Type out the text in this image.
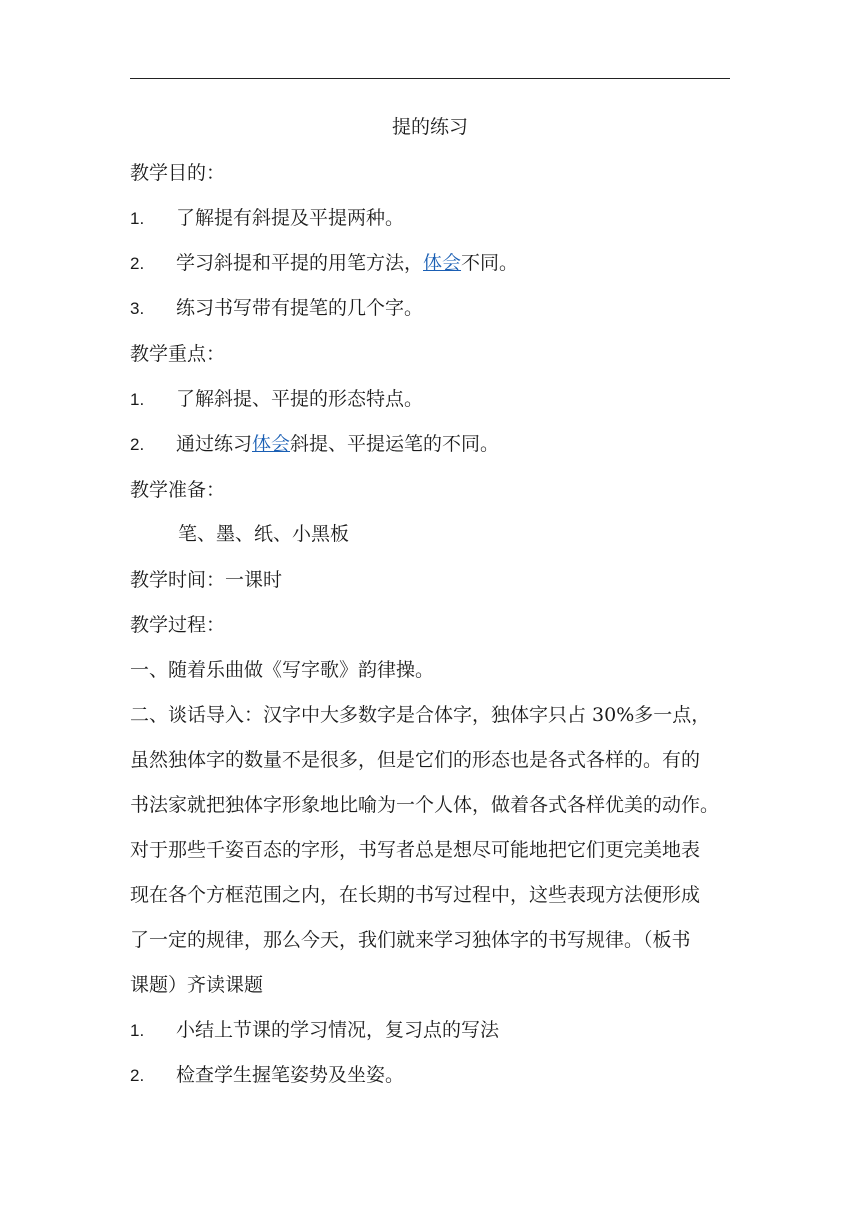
提的练习
教学目的：
1. 了解提有斜提及平提两种。
2. 学习斜提和平提的用笔方法，体会不同。
3. 练习书写带有提笔的几个字。
教学重点：
1. 了解斜提、平提的形态特点。
2. 通过练习体会斜提、平提运笔的不同。
教学准备：
笔、墨、纸、小黑板
教学时间：一课时
教学过程：
一、随着乐曲做《写字歌》韵律操。
二、谈话导入：汉字中大多数字是合体字，独体字只占 30%多一点，
虽然独体字的数量不是很多，但是它们的形态也是各式各样的。有的
书法家就把独体字形象地比喻为一个人体，做着各式各样优美的动作。
对于那些千姿百态的字形，书写者总是想尽可能地把它们更完美地表
现在各个方框范围之内，在长期的书写过程中，这些表现方法便形成
了一定的规律，那么今天，我们就来学习独体字的书写规律。（板书
课题）齐读课题
1. 小结上节课的学习情况，复习点的写法
2. 检查学生握笔姿势及坐姿。
